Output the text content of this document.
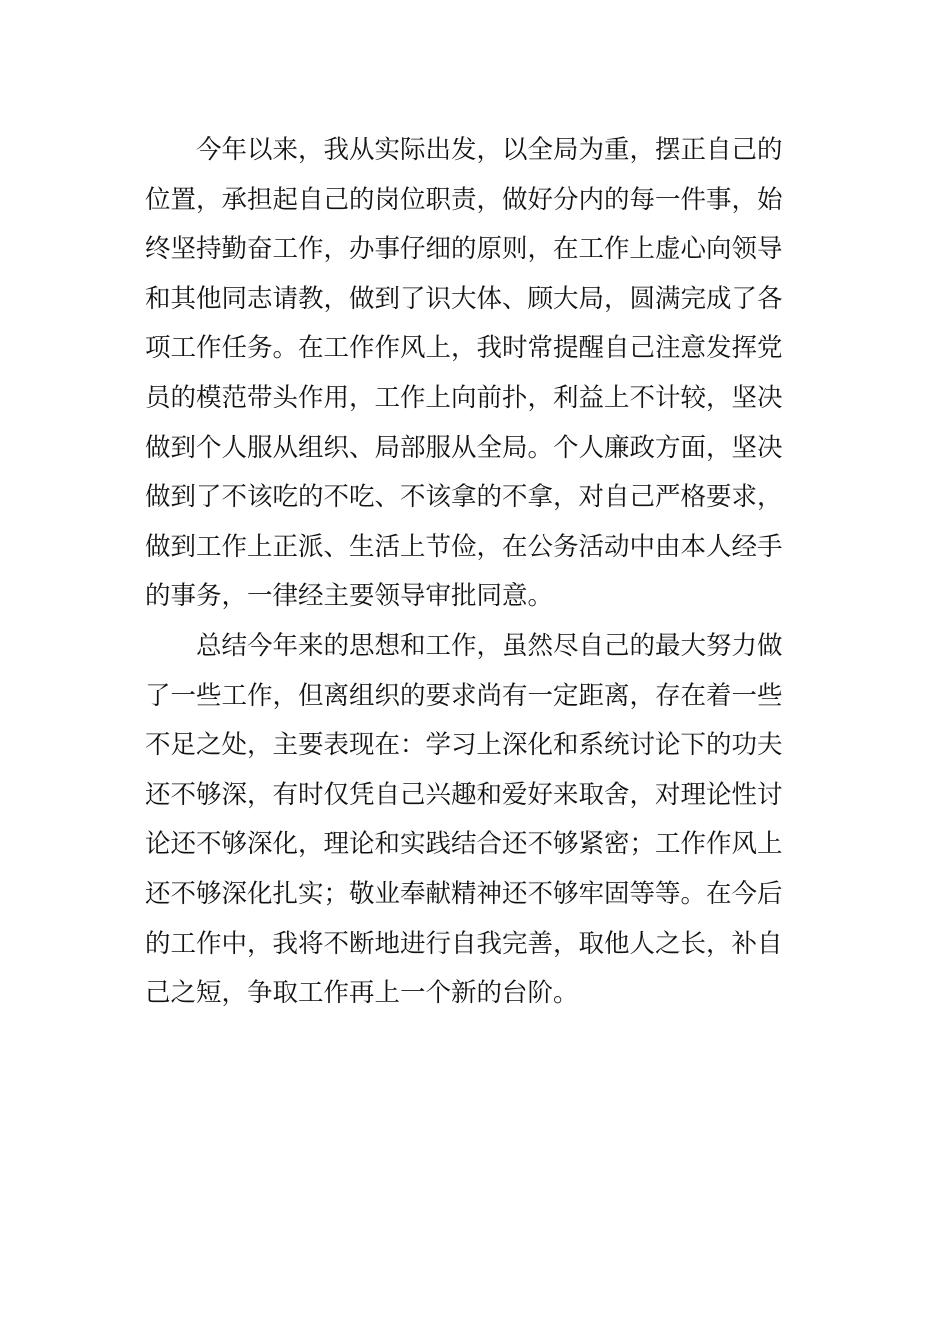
今年以来，我从实际出发，以全局为重，摆正自己的
位置，承担起自己的岗位职责，做好分内的每一件事，始
终坚持勤奋工作，办事仔细的原则，在工作上虚心向领导
和其他同志请教，做到了识大体、顾大局，圆满完成了各
项工作任务。在工作作风上，我时常提醒自己注意发挥党
员的模范带头作用，工作上向前扑，利益上不计较，坚决
做到个人服从组织、局部服从全局。个人廉政方面，坚决
做到了不该吃的不吃、不该拿的不拿，对自己严格要求，
做到工作上正派、生活上节俭，在公务活动中由本人经手
的事务，一律经主要领导审批同意。
总结今年来的思想和工作，虽然尽自己的最大努力做
了一些工作，但离组织的要求尚有一定距离，存在着一些
不足之处，主要表现在：学习上深化和系统讨论下的功夫
还不够深，有时仅凭自己兴趣和爱好来取舍，对理论性讨
论还不够深化，理论和实践结合还不够紧密；工作作风上
还不够深化扎实；敬业奉献精神还不够牢固等等。在今后
的工作中，我将不断地进行自我完善，取他人之长，补自
己之短，争取工作再上一个新的台阶。
